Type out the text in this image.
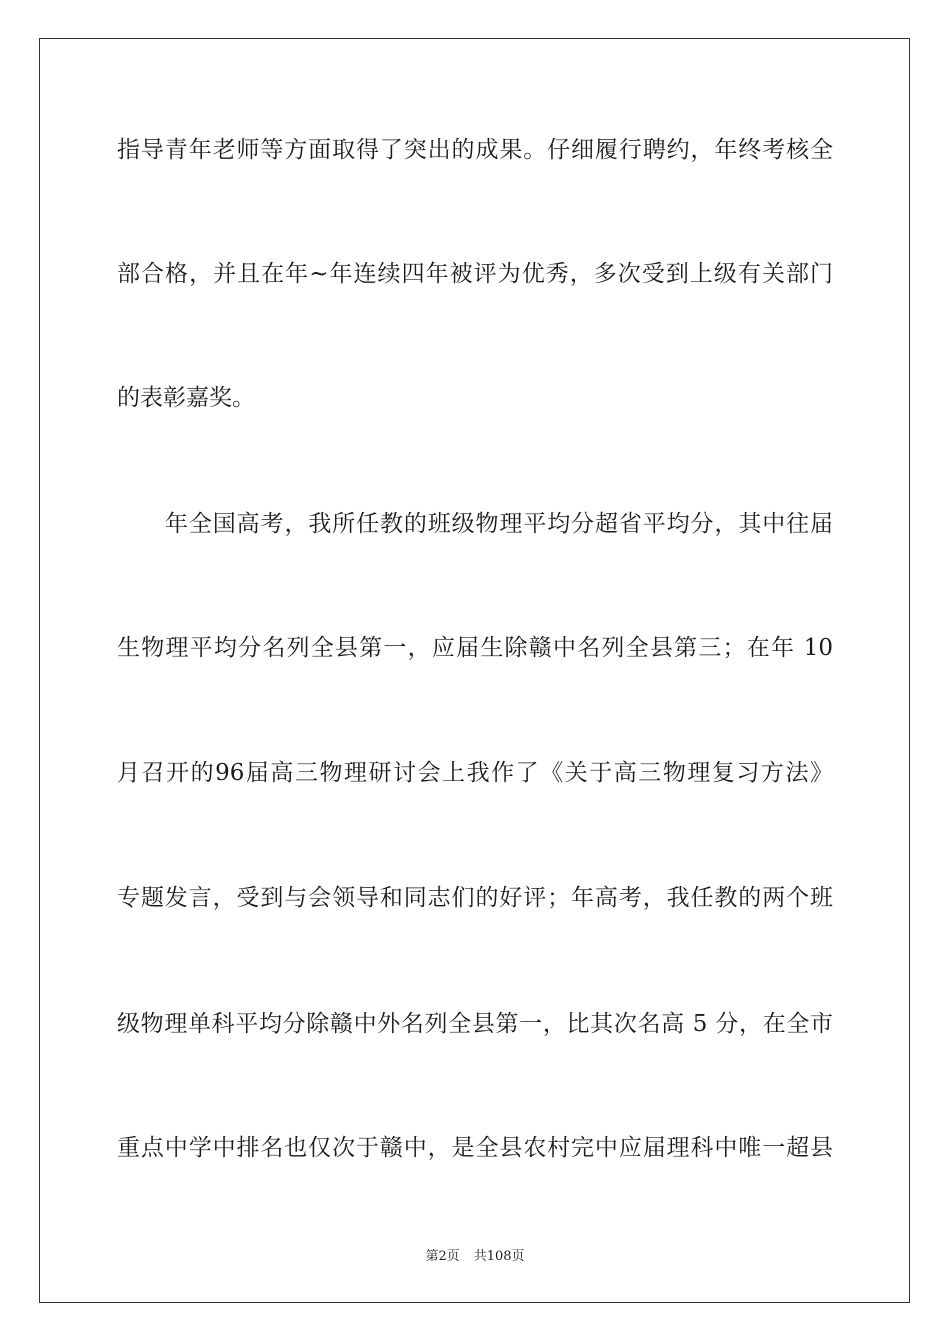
指导青年老师等方面取得了突出的成果。仔细履行聘约，年终考核全
部合格，并且在年~年连续四年被评为优秀，多次受到上级有关部门
的表彰嘉奖。
年全国高考，我所任教的班级物理平均分超省平均分，其中往届
生物理平均分名列全县第一，应届生除赣中名列全县第三；在年 10
月召开的96届高三物理研讨会上我作了《关于高三物理复习方法》
专题发言，受到与会领导和同志们的好评；年高考，我任教的两个班
级物理单科平均分除赣中外名列全县第一，比其次名高 5 分，在全市
重点中学中排名也仅次于赣中，是全县农村完中应届理科中唯一超县
第2页 共108页
